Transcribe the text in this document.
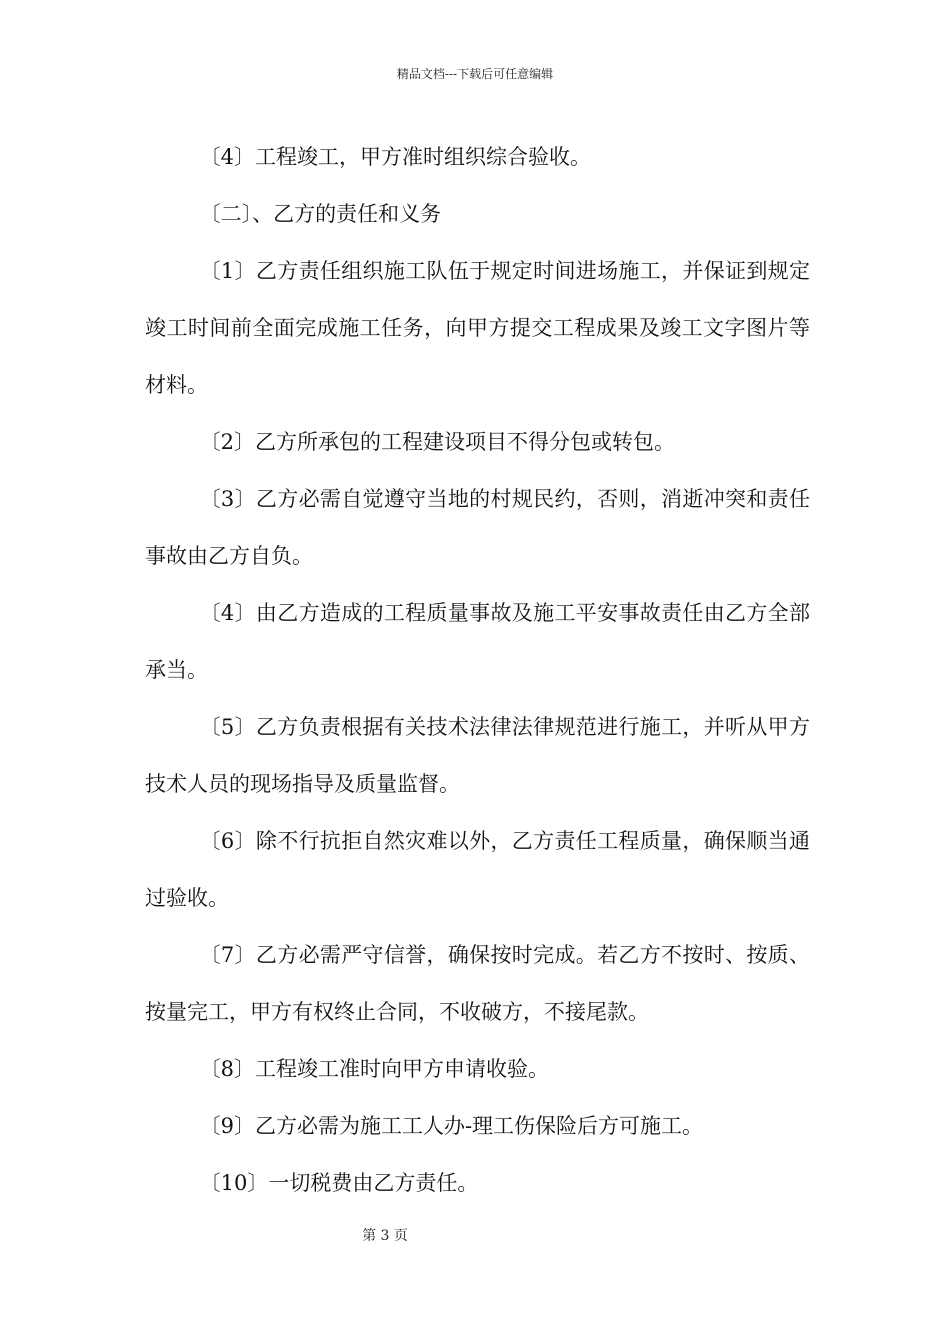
精品文档---下载后可任意编辑

〔4〕工程竣工，甲方准时组织综合验收。

〔二〕、乙方的责任和义务

〔1〕乙方责任组织施工队伍于规定时间进场施工，并保证到规定竣工时间前全面完成施工任务，向甲方提交工程成果及竣工文字图片等材料。

〔2〕乙方所承包的工程建设项目不得分包或转包。

〔3〕乙方必需自觉遵守当地的村规民约，否则，消逝冲突和责任事故由乙方自负。

〔4〕由乙方造成的工程质量事故及施工平安事故责任由乙方全部承当。

〔5〕乙方负责根据有关技术法律法律规范进行施工，并听从甲方技术人员的现场指导及质量监督。

〔6〕除不行抗拒自然灾难以外，乙方责任工程质量，确保顺当通过验收。

〔7〕乙方必需严守信誉，确保按时完成。若乙方不按时、按质、按量完工，甲方有权终止合同，不收破方，不接尾款。

〔8〕工程竣工准时向甲方申请收验。

〔9〕乙方必需为施工工人办-理工伤保险后方可施工。

〔10〕一切税费由乙方责任。

第 3 页
